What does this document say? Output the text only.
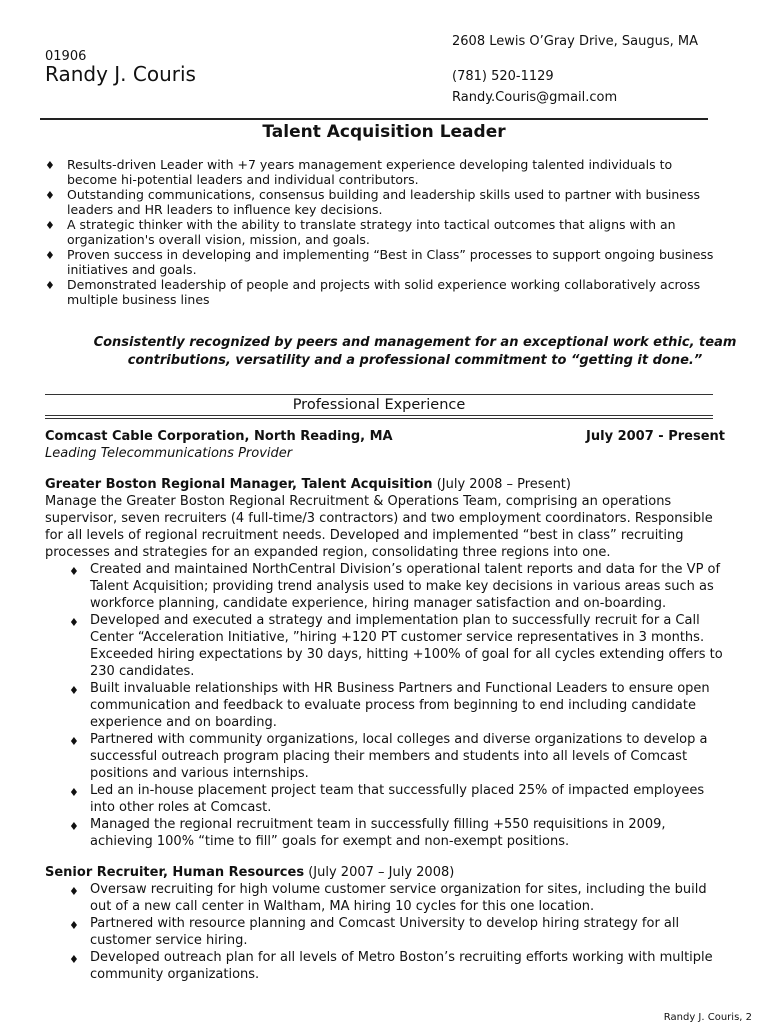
2608 Lewis O’Gray Drive, Saugus, MA
01906
Randy J. Couris	(781) 520-1129
Randy.Couris@gmail.com
Talent Acquisition Leader
♦ Results-driven Leader with +7 years management experience developing talented individuals to become hi-potential leaders and individual contributors.
♦ Outstanding communications, consensus building and leadership skills used to partner with business leaders and HR leaders to influence key decisions.
♦ A strategic thinker with the ability to translate strategy into tactical outcomes that aligns with an organization's overall vision, mission, and goals.
♦ Proven success in developing and implementing “Best in Class” processes to support ongoing business initiatives and goals.
♦ Demonstrated leadership of people and projects with solid experience working collaboratively across multiple business lines
Consistently recognized by peers and management for an exceptional work ethic, team contributions, versatility and a professional commitment to “getting it done.”
Professional Experience
Comcast Cable Corporation, North Reading, MA	July 2007 - Present
Leading Telecommunications Provider
Greater Boston Regional Manager, Talent Acquisition (July 2008 – Present)
Manage the Greater Boston Regional Recruitment & Operations Team, comprising an operations supervisor, seven recruiters (4 full-time/3 contractors) and two employment coordinators. Responsible for all levels of regional recruitment needs. Developed and implemented “best in class” recruiting processes and strategies for an expanded region, consolidating three regions into one.
♦ Created and maintained NorthCentral Division’s operational talent reports and data for the VP of Talent Acquisition; providing trend analysis used to make key decisions in various areas such as workforce planning, candidate experience, hiring manager satisfaction and on-boarding.
♦ Developed and executed a strategy and implementation plan to successfully recruit for a Call Center “Acceleration Initiative, ”hiring +120 PT customer service representatives in 3 months. Exceeded hiring expectations by 30 days, hitting +100% of goal for all cycles extending offers to 230 candidates.
♦ Built invaluable relationships with HR Business Partners and Functional Leaders to ensure open communication and feedback to evaluate process from beginning to end including candidate experience and on boarding.
♦ Partnered with community organizations, local colleges and diverse organizations to develop a successful outreach program placing their members and students into all levels of Comcast positions and various internships.
♦ Led an in-house placement project team that successfully placed 25% of impacted employees into other roles at Comcast.
♦ Managed the regional recruitment team in successfully filling +550 requisitions in 2009, achieving 100% “time to fill” goals for exempt and non-exempt positions.
Senior Recruiter, Human Resources (July 2007 – July 2008)
♦ Oversaw recruiting for high volume customer service organization for sites, including the build out of a new call center in Waltham, MA hiring 10 cycles for this one location.
♦ Partnered with resource planning and Comcast University to develop hiring strategy for all customer service hiring.
♦ Developed outreach plan for all levels of Metro Boston’s recruiting efforts working with multiple community organizations.
Randy J. Couris, 2
